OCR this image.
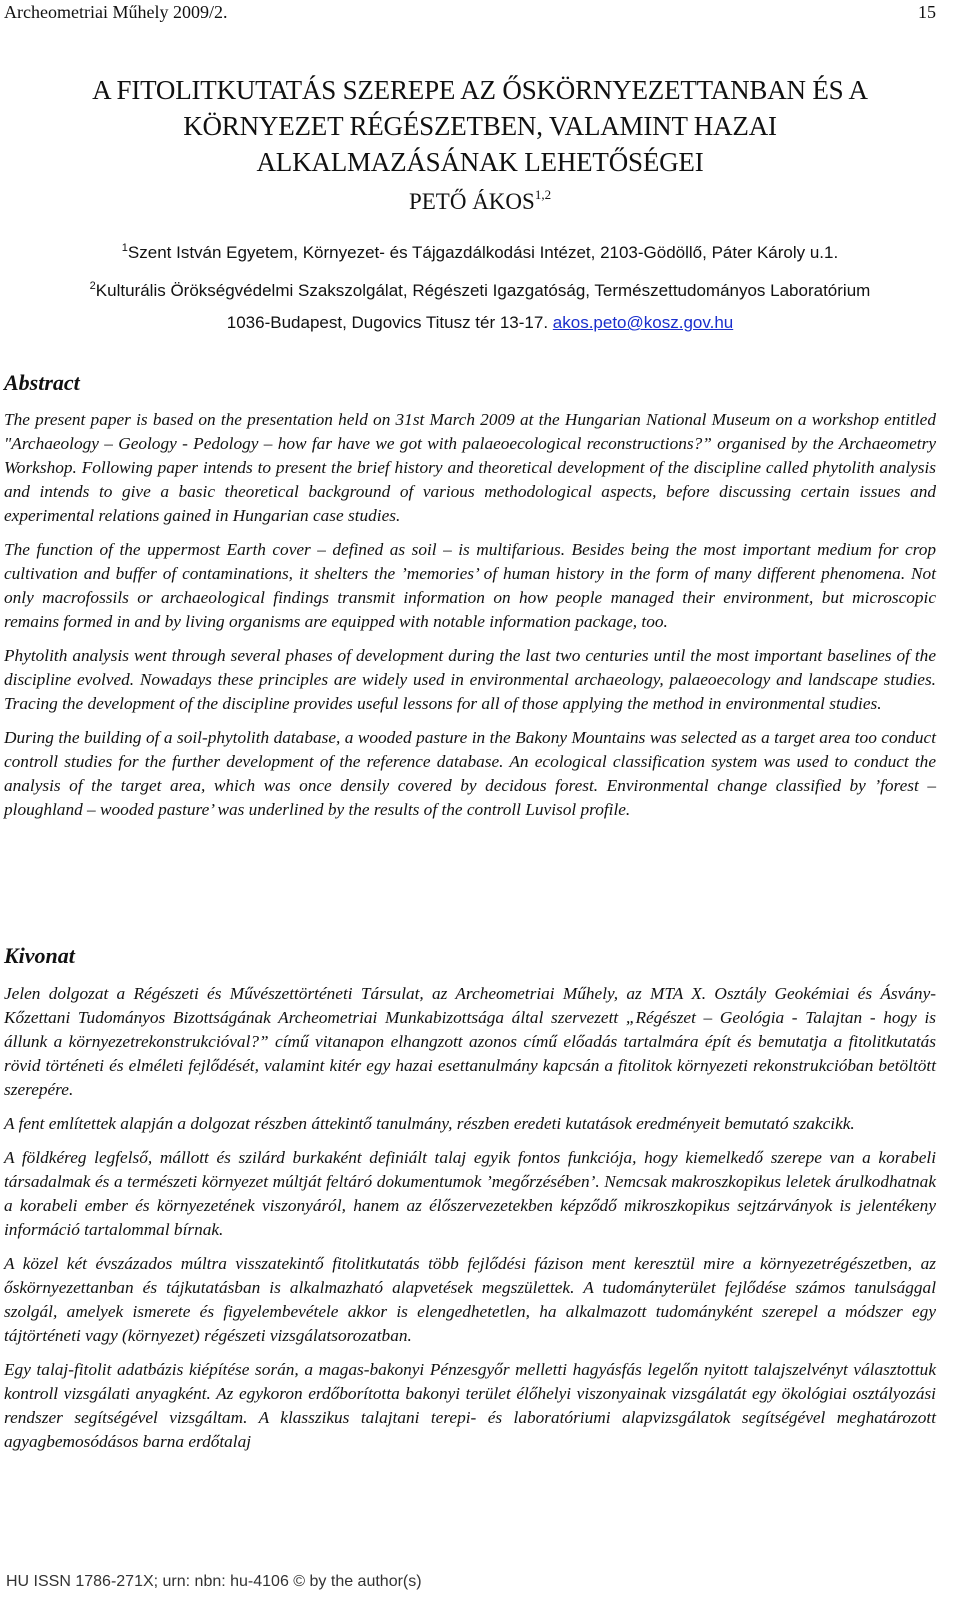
Archeometriai Műhely 2009/2.	15
A FITOLITKUTATÁS SZEREPE AZ ŐSKÖRNYEZETTANBAN ÉS A
KÖRNYEZET RÉGÉSZETBEN, VALAMINT HAZAI
ALKALMAZÁSÁNAK LEHETŐSÉGEI
PETŐ ÁKOS$^{1,2}$
$^1$Szent István Egyetem, Környezet- és Tájgazdálkodási Intézet, 2103-Gödöllő, Páter Károly u.1.
$^2$Kulturális Örökségvédelmi Szakszolgálat, Régészeti Igazgatóság, Természettudományos Laboratórium
1036-Budapest, Dugovics Titusz tér 13-17. akos.peto@kosz.gov.hu
Abstract

The present paper is based on the presentation held on 31st March 2009 at the Hungarian National Museum on a workshop entitled "Archaeology – Geology - Pedology – how far have we got with palaeoecological reconstructions?” organised by the Archaeometry Workshop. Following paper intends to present the brief history and theoretical development of the discipline called phytolith analysis and intends to give a basic theoretical background of various methodological aspects, before discussing certain issues and experimental relations gained in Hungarian case studies.

The function of the uppermost Earth cover – defined as soil – is multifarious. Besides being the most important medium for crop cultivation and buffer of contaminations, it shelters the ’memories’ of human history in the form of many different phenomena. Not only macrofossils or archaeological findings transmit information on how people managed their environment, but microscopic remains formed in and by living organisms are equipped with notable information package, too.

Phytolith analysis went through several phases of development during the last two centuries until the most important baselines of the discipline evolved. Nowadays these principles are widely used in environmental archaeology, palaeoecology and landscape studies. Tracing the development of the discipline provides useful lessons for all of those applying the method in environmental studies.

During the building of a soil-phytolith database, a wooded pasture in the Bakony Mountains was selected as a target area too conduct controll studies for the further development of the reference database. An ecological classification system was used to conduct the analysis of the target area, which was once densily covered by decidous forest. Environmental change classified by ’forest – ploughland – wooded pasture’ was underlined by the results of the controll Luvisol profile.

Kivonat

Jelen dolgozat a Régészeti és Művészettörténeti Társulat, az Archeometriai Műhely, az MTA X. Osztály Geokémiai és Ásvány-Kőzettani Tudományos Bizottságának Archeometriai Munkabizottsága által szervezett „Régészet – Geológia - Talajtan - hogy is állunk a környezetrekonstrukcióval?” című vitanapon elhangzott azonos című előadás tartalmára épít és bemutatja a fitolitkutatás rövid történeti és elméleti fejlődését, valamint kitér egy hazai esettanulmány kapcsán a fitolitok környezeti rekonstrukcióban betöltött szerepére.

A fent említettek alapján a dolgozat részben áttekintő tanulmány, részben eredeti kutatások eredményeit bemutató szakcikk.

A földkéreg legfelső, mállott és szilárd burkaként definiált talaj egyik fontos funkciója, hogy kiemelkedő szerepe van a korabeli társadalmak és a természeti környezet múltját feltáró dokumentumok ’megőrzésében’. Nemcsak makroszkopikus leletek árulkodhatnak a korabeli ember és környezetének viszonyáról, hanem az élőszervezetekben képződő mikroszkopikus sejtzárványok is jelentékeny információ tartalommal bírnak.

A közel két évszázados múltra visszatekintő fitolitkutatás több fejlődési fázison ment keresztül mire a környezetrégészetben, az őskörnyezettanban és tájkutatásban is alkalmazható alapvetések megszülettek. A tudományterület fejlődése számos tanulsággal szolgál, amelyek ismerete és figyelembevétele akkor is elengedhetetlen, ha alkalmazott tudományként szerepel a módszer egy tájtörténeti vagy (környezet) régészeti vizsgálatsorozatban.

Egy talaj-fitolit adatbázis kiépítése során, a magas-bakonyi Pénzesgyőr melletti hagyásfás legelőn nyitott talajszelvényt választottuk kontroll vizsgálati anyagként. Az egykoron erdőborította bakonyi terület élőhelyi viszonyainak vizsgálatát egy ökológiai osztályozási rendszer segítségével vizsgáltam. A klasszikus talajtani terepi- és laboratóriumi alapvizsgálatok segítségével meghatározott agyagbemosódásos barna erdőtalaj

HU ISSN 1786-271X; urn: nbn: hu-4106 © by the author(s)
